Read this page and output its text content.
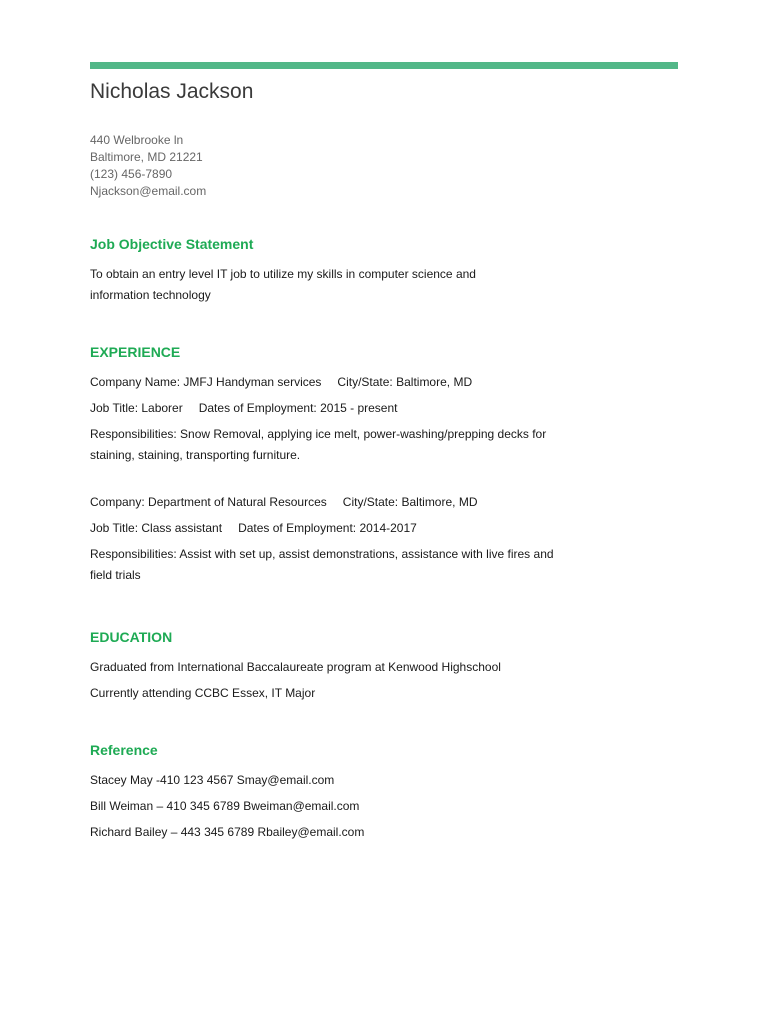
Nicholas Jackson
440 Welbrooke ln
Baltimore, MD 21221
(123) 456-7890
Njackson@email.com
Job Objective Statement

To obtain an entry level IT job to utilize my skills in computer science and information technology

EXPERIENCE

Company Name: JMFJ Handyman services City/State: Baltimore, MD

Job Title: Laborer Dates of Employment: 2015 - present

Responsibilities: Snow Removal, applying ice melt, power-washing/prepping decks for staining, staining, transporting furniture.

Company: Department of Natural Resources City/State: Baltimore, MD

Job Title: Class assistant Dates of Employment: 2014-2017

Responsibilities: Assist with set up, assist demonstrations, assistance with live fires and field trials

EDUCATION

Graduated from International Baccalaureate program at Kenwood Highschool

Currently attending CCBC Essex, IT Major

Reference

Stacey May -410 123 4567 Smay@email.com

Bill Weiman – 410 345 6789 Bweiman@email.com

Richard Bailey – 443 345 6789 Rbailey@email.com
